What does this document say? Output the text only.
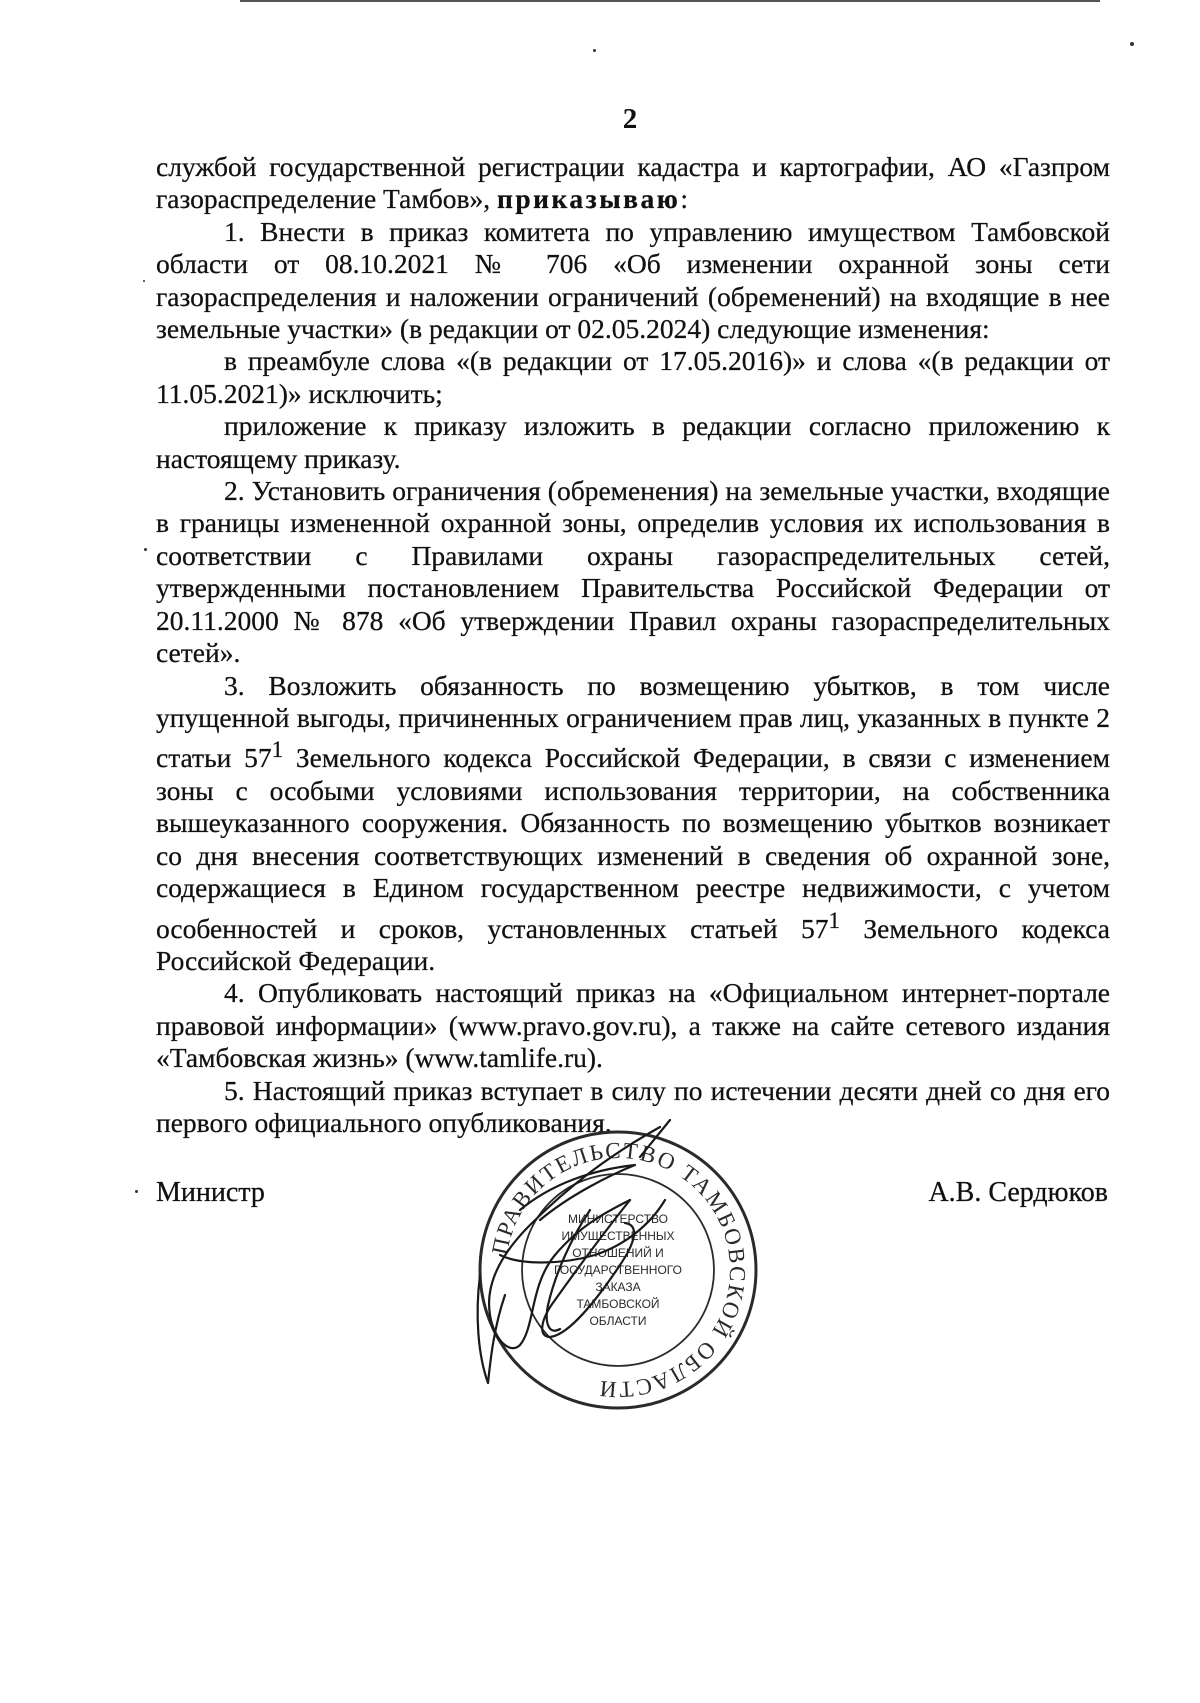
2

службой государственной регистрации кадастра и картографии, АО «Газпром газораспределение Тамбов», приказываю:

1. Внести в приказ комитета по управлению имуществом Тамбовской области от 08.10.2021 № 706 «Об изменении охранной зоны сети газораспределения и наложении ограничений (обременений) на входящие в нее земельные участки» (в редакции от 02.05.2024) следующие изменения:

в преамбуле слова «(в редакции от 17.05.2016)» и слова «(в редакции от 11.05.2021)» исключить;

приложение к приказу изложить в редакции согласно приложению к настоящему приказу.

2. Установить ограничения (обременения) на земельные участки, входящие в границы измененной охранной зоны, определив условия их использования в соответствии с Правилами охраны газораспределительных сетей, утвержденными постановлением Правительства Российской Федерации от 20.11.2000 № 878 «Об утверждении Правил охраны газораспределительных сетей».

3. Возложить обязанность по возмещению убытков, в том числе упущенной выгоды, причиненных ограничением прав лиц, указанных в пункте 2 статьи $57^1$ Земельного кодекса Российской Федерации, в связи с изменением зоны с особыми условиями использования территории, на собственника вышеуказанного сооружения. Обязанность по возмещению убытков возникает со дня внесения соответствующих изменений в сведения об охранной зоне, содержащиеся в Едином государственном реестре недвижимости, с учетом особенностей и сроков, установленных статьей $57^1$ Земельного кодекса Российской Федерации.

4. Опубликовать настоящий приказ на «Официальном интернет-портале правовой информации» (www.pravo.gov.ru), а также на сайте сетевого издания «Тамбовская жизнь» (www.tamlife.ru).

5. Настоящий приказ вступает в силу по истечении десяти дней со дня его первого официального опубликования.

Министр	А.В. Сердюков
ПРАВИТЕЛЬСТВО ТАМБОВСКОЙ ОБЛАСТИ
МИНИСТЕРСТВО
ИМУЩЕСТВЕННЫХ
ОТНОШЕНИЙ И
ГОСУДАРСТВЕННОГО
ЗАКАЗА
ТАМБОВСКОЙ
ОБЛАСТИ
